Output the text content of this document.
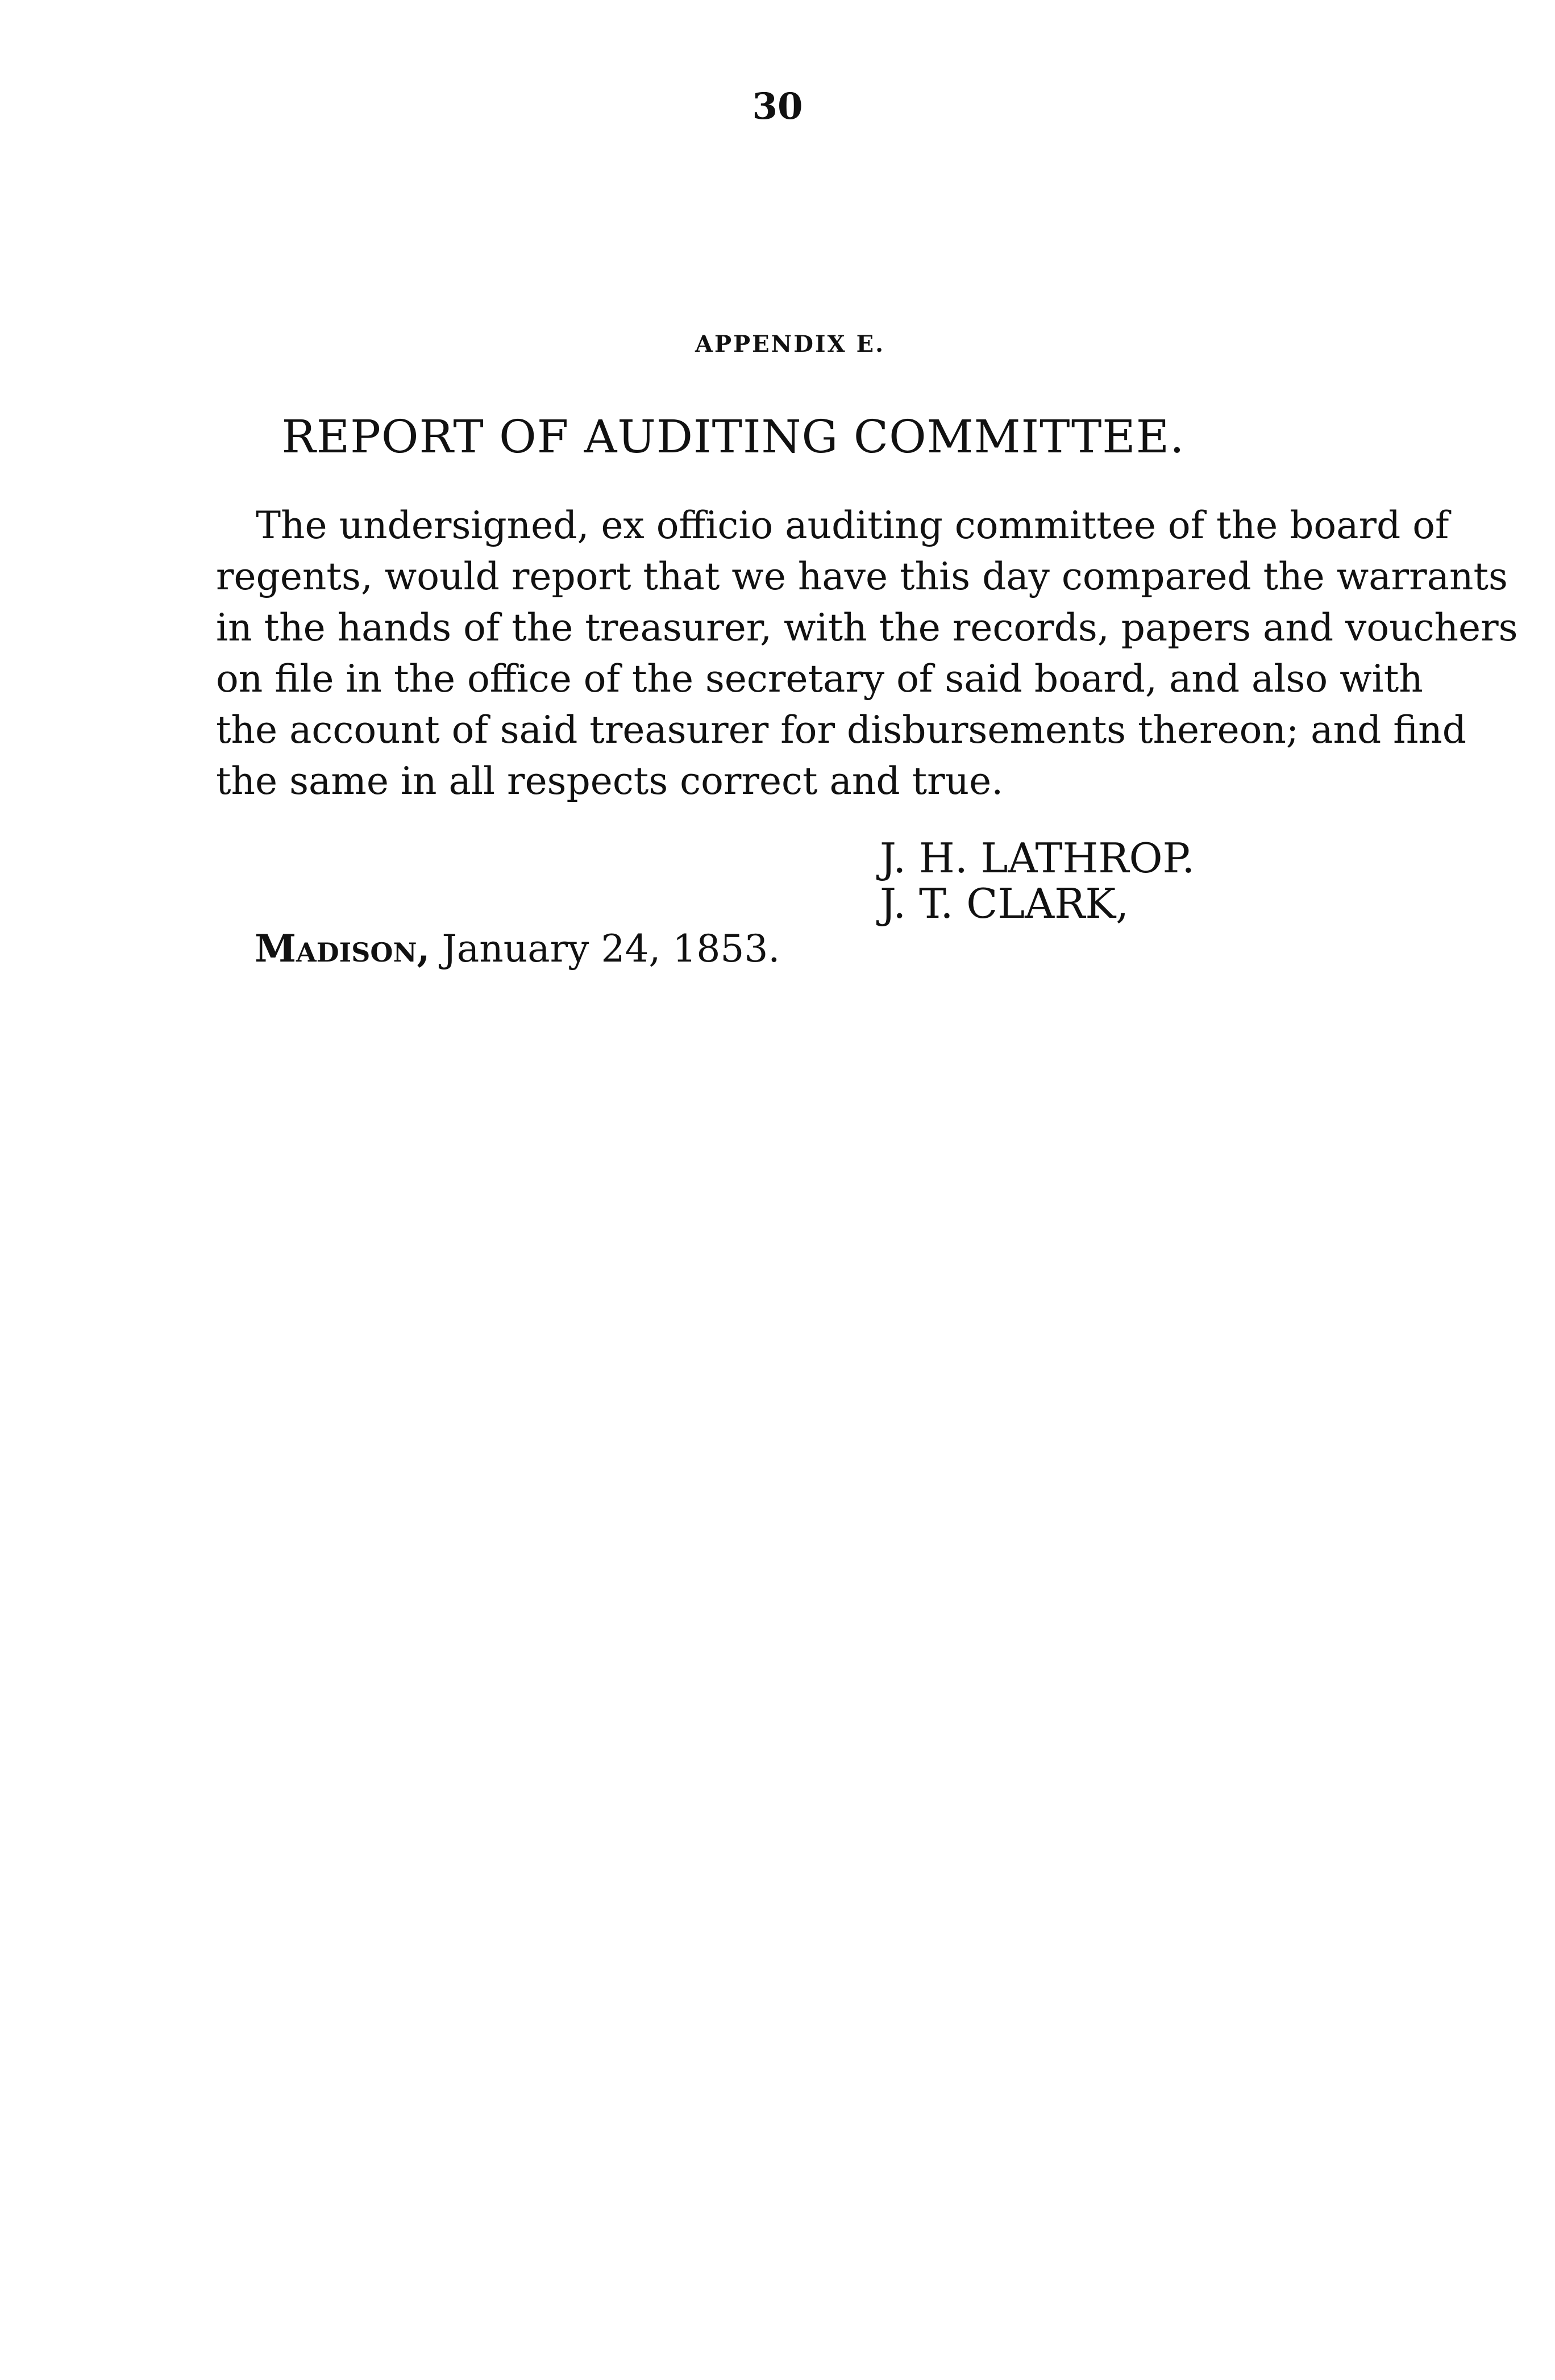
30
APPENDIX E.
REPORT OF AUDITING COMMITTEE.
The undersigned, ex officio auditing committee of the board of
regents, would report that we have this day compared the warrants
in the hands of the treasurer, with the records, papers and vouchers
on file in the office of the secretary of said board, and also with
the account of said treasurer for disbursements thereon; and find
the same in all respects correct and true.
J. H. LATHROP.
J. T. CLARK,
Madison, January 24, 1853.
